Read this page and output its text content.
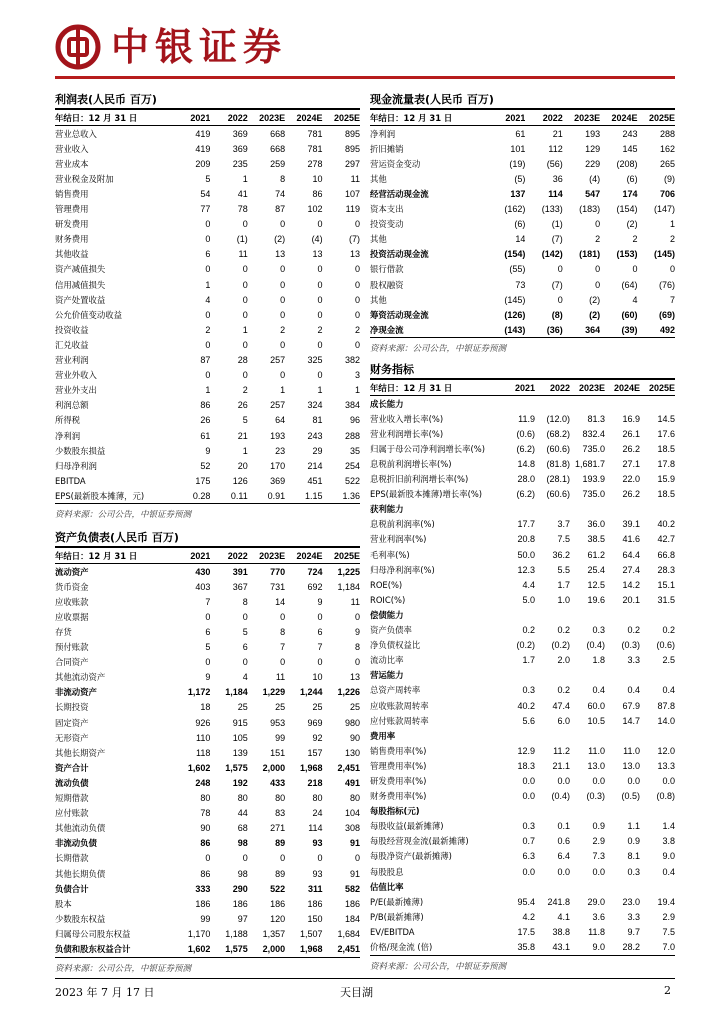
中银证券
利润表(人民币 百万)
年结日：12 月 31 日	2021	2022	2023E	2024E	2025E
营业总收入	419	369	668	781	895
营业收入	419	369	668	781	895
营业成本	209	235	259	278	297
营业税金及附加	5	1	8	10	11
销售费用	54	41	74	86	107
管理费用	77	78	87	102	119
研发费用	0	0	0	0	0
财务费用	0	(1)	(2)	(4)	(7)
其他收益	6	11	13	13	13
资产减值损失	0	0	0	0	0
信用减值损失	1	0	0	0	0
资产处置收益	4	0	0	0	0
公允价值变动收益	0	0	0	0	0
投资收益	2	1	2	2	2
汇兑收益	0	0	0	0	0
营业利润	87	28	257	325	382
营业外收入	0	0	0	0	3
营业外支出	1	2	1	1	1
利润总额	86	26	257	324	384
所得税	26	5	64	81	96
净利润	61	21	193	243	288
少数股东损益	9	1	23	29	35
归母净利润	52	20	170	214	254
EBITDA	175	126	369	451	522
EPS(最新股本摊薄，元)	0.28	0.11	0.91	1.15	1.36
资料来源：公司公告，中银证券预测
资产负债表(人民币 百万)
年结日：12 月 31 日	2021	2022	2023E	2024E	2025E
流动资产	430	391	770	724	1,225
货币资金	403	367	731	692	1,184
应收账款	7	8	14	9	11
应收票据	0	0	0	0	0
存货	6	5	8	6	9
预付账款	5	6	7	7	8
合同资产	0	0	0	0	0
其他流动资产	9	4	11	10	13
非流动资产	1,172	1,184	1,229	1,244	1,226
长期投资	18	25	25	25	25
固定资产	926	915	953	969	980
无形资产	110	105	99	92	90
其他长期资产	118	139	151	157	130
资产合计	1,602	1,575	2,000	1,968	2,451
流动负债	248	192	433	218	491
短期借款	80	80	80	80	80
应付账款	78	44	83	24	104
其他流动负债	90	68	271	114	308
非流动负债	86	98	89	93	91
长期借款	0	0	0	0	0
其他长期负债	86	98	89	93	91
负债合计	333	290	522	311	582
股本	186	186	186	186	186
少数股东权益	99	97	120	150	184
归属母公司股东权益	1,170	1,188	1,357	1,507	1,684
负债和股东权益合计	1,602	1,575	2,000	1,968	2,451
资料来源：公司公告，中银证券预测
现金流量表(人民币 百万)
年结日：12 月 31 日	2021	2022	2023E	2024E	2025E
净利润	61	21	193	243	288
折旧摊销	101	112	129	145	162
营运资金变动	(19)	(56)	229	(208)	265
其他	(5)	36	(4)	(6)	(9)
经营活动现金流	137	114	547	174	706
资本支出	(162)	(133)	(183)	(154)	(147)
投资变动	(6)	(1)	0	(2)	1
其他	14	(7)	2	2	2
投资活动现金流	(154)	(142)	(181)	(153)	(145)
银行借款	(55)	0	0	0	0
股权融资	73	(7)	0	(64)	(76)
其他	(145)	0	(2)	4	7
筹资活动现金流	(126)	(8)	(2)	(60)	(69)
净现金流	(143)	(36)	364	(39)	492
资料来源：公司公告，中银证券预测
财务指标
年结日：12 月 31 日	2021	2022	2023E	2024E	2025E
成长能力					
营业收入增长率(%)	11.9	(12.0)	81.3	16.9	14.5
营业利润增长率(%)	(0.6)	(68.2)	832.4	26.1	17.6
归属于母公司净利润增长率(%)	(6.2)	(60.6)	735.0	26.2	18.5
息税前利润增长率(%)	14.8	(81.8)	1,681.7	27.1	17.8
息税折旧前利润增长率(%)	28.0	(28.1)	193.9	22.0	15.9
EPS(最新股本摊薄)增长率(%)	(6.2)	(60.6)	735.0	26.2	18.5
获利能力					
息税前利润率(%)	17.7	3.7	36.0	39.1	40.2
营业利润率(%)	20.8	7.5	38.5	41.6	42.7
毛利率(%)	50.0	36.2	61.2	64.4	66.8
归母净利润率(%)	12.3	5.5	25.4	27.4	28.3
ROE(%)	4.4	1.7	12.5	14.2	15.1
ROIC(%)	5.0	1.0	19.6	20.1	31.5
偿债能力					
资产负债率	0.2	0.2	0.3	0.2	0.2
净负债权益比	(0.2)	(0.2)	(0.4)	(0.3)	(0.6)
流动比率	1.7	2.0	1.8	3.3	2.5
营运能力					
总资产周转率	0.3	0.2	0.4	0.4	0.4
应收账款周转率	40.2	47.4	60.0	67.9	87.8
应付账款周转率	5.6	6.0	10.5	14.7	14.0
费用率					
销售费用率(%)	12.9	11.2	11.0	11.0	12.0
管理费用率(%)	18.3	21.1	13.0	13.0	13.3
研发费用率(%)	0.0	0.0	0.0	0.0	0.0
财务费用率(%)	0.0	(0.4)	(0.3)	(0.5)	(0.8)
每股指标(元)					
每股收益(最新摊薄)	0.3	0.1	0.9	1.1	1.4
每股经营现金流(最新摊薄)	0.7	0.6	2.9	0.9	3.8
每股净资产(最新摊薄)	6.3	6.4	7.3	8.1	9.0
每股股息	0.0	0.0	0.0	0.3	0.4
估值比率					
P/E(最新摊薄)	95.4	241.8	29.0	23.0	19.4
P/B(最新摊薄)	4.2	4.1	3.6	3.3	2.9
EV/EBITDA	17.5	38.8	11.8	9.7	7.5
价格/现金流 (倍)	35.8	43.1	9.0	28.2	7.0
资料来源：公司公告，中银证券预测
2023 年 7 月 17 日	天目湖	2
